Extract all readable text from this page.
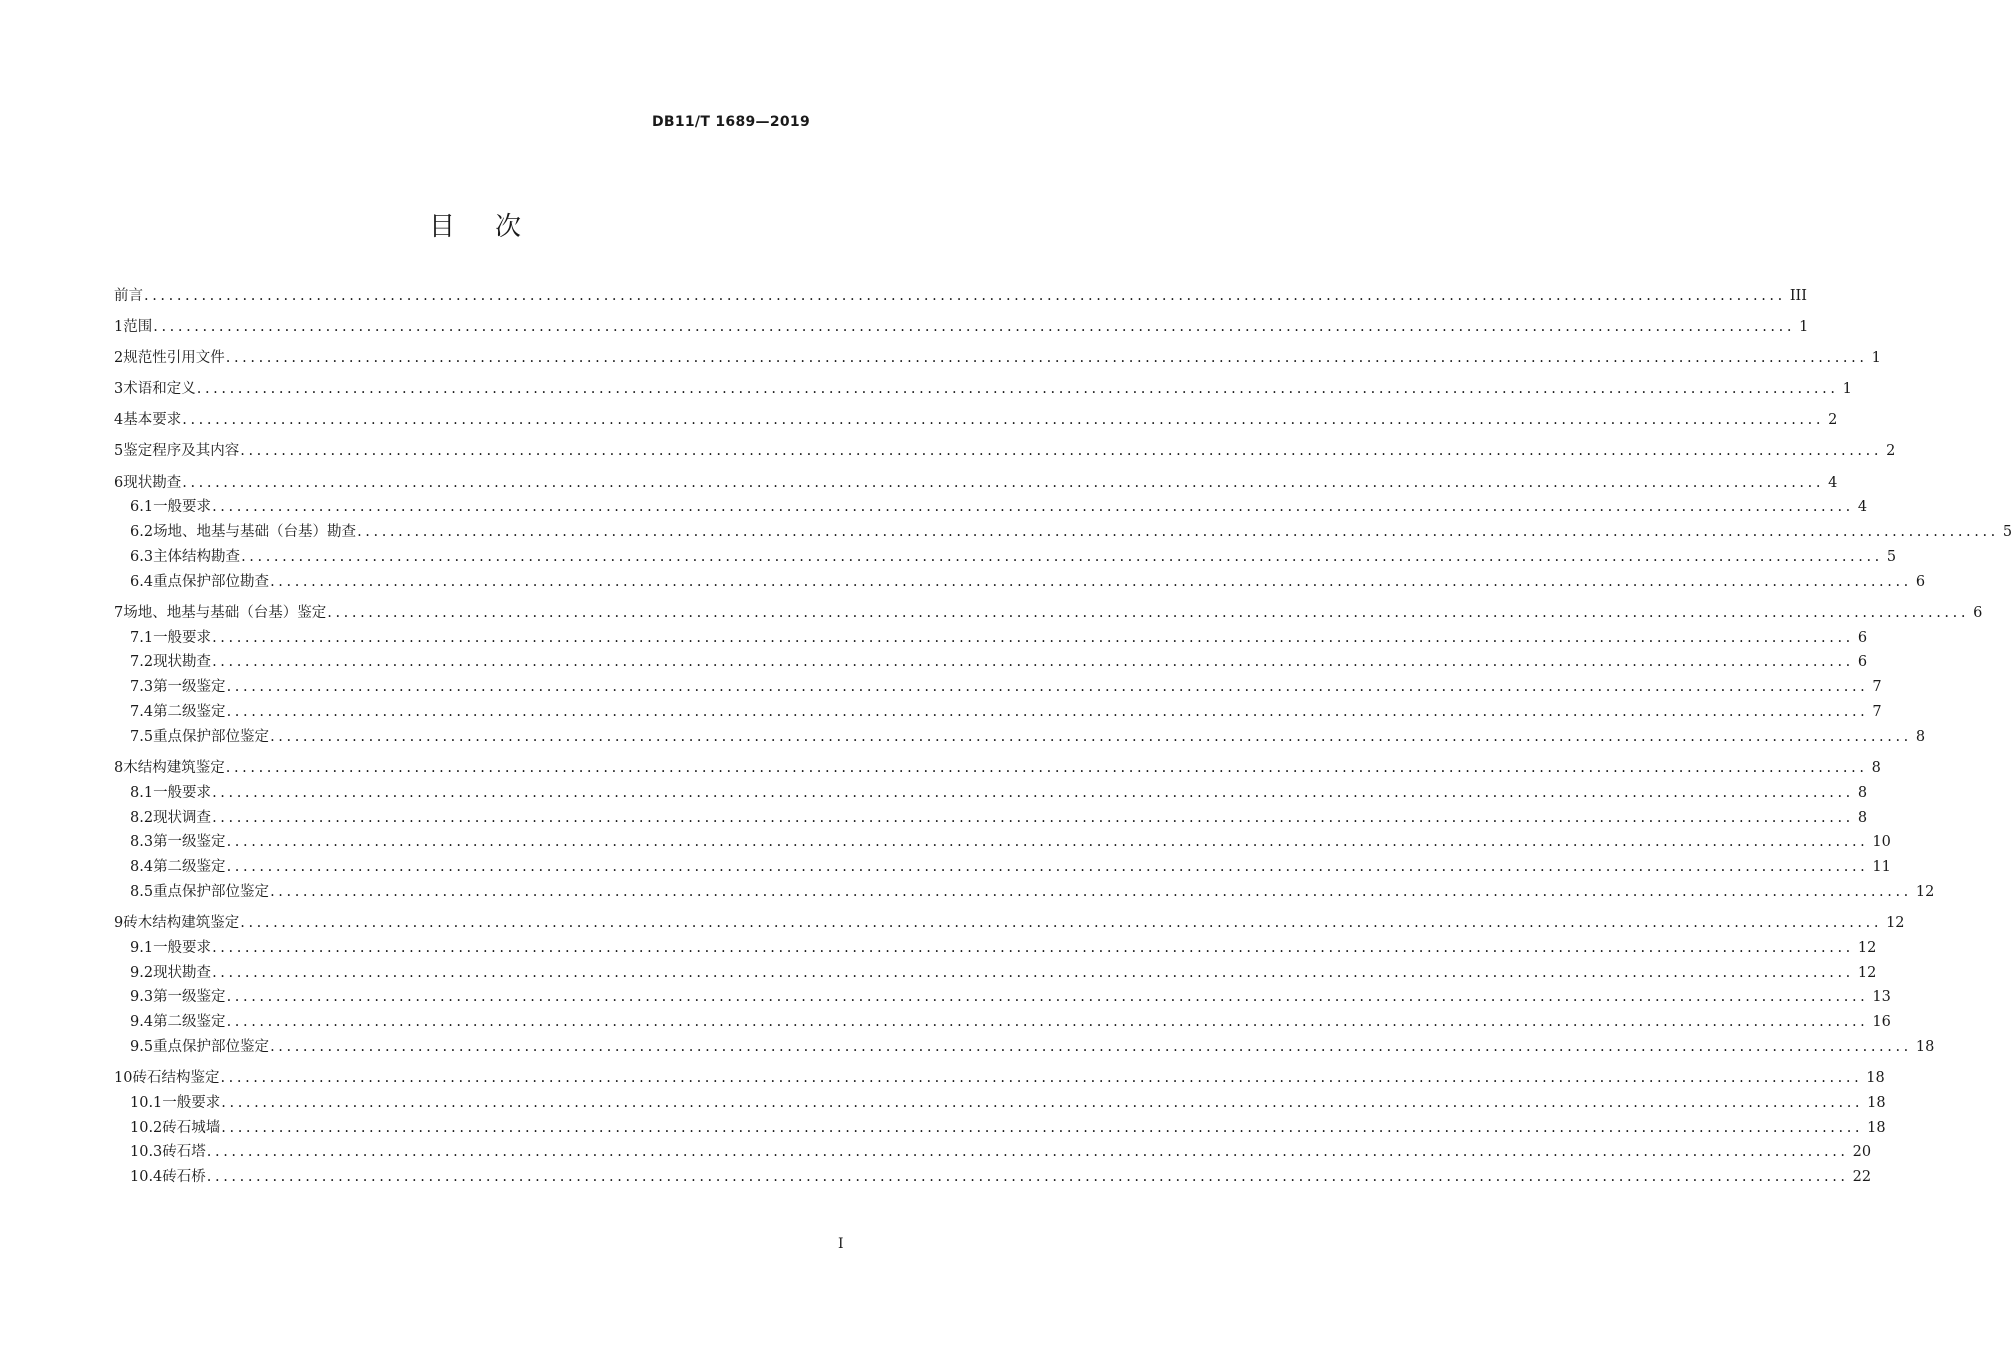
DB11/T 1689—2019
目次
前言 ........................................................................................................................................................................................................ III
1 范围 ........................................................................................................................................................................................................ 1
2 规范性引用文件 ........................................................................................................................................................................................................ 1
3 术语和定义 ........................................................................................................................................................................................................ 1
4 基本要求 ........................................................................................................................................................................................................ 2
5 鉴定程序及其内容 ........................................................................................................................................................................................................ 2
6 现状勘查 ........................................................................................................................................................................................................ 4
6.1 一般要求 ........................................................................................................................................................................................................ 4
6.2 场地、地基与基础（台基）勘查 ........................................................................................................................................................................................................ 5
6.3 主体结构勘查 ........................................................................................................................................................................................................ 5
6.4 重点保护部位勘查 ........................................................................................................................................................................................................ 6
7 场地、地基与基础（台基）鉴定 ........................................................................................................................................................................................................ 6
7.1 一般要求 ........................................................................................................................................................................................................ 6
7.2 现状勘查 ........................................................................................................................................................................................................ 6
7.3 第一级鉴定 ........................................................................................................................................................................................................ 7
7.4 第二级鉴定 ........................................................................................................................................................................................................ 7
7.5 重点保护部位鉴定 ........................................................................................................................................................................................................ 8
8 木结构建筑鉴定 ........................................................................................................................................................................................................ 8
8.1 一般要求 ........................................................................................................................................................................................................ 8
8.2 现状调查 ........................................................................................................................................................................................................ 8
8.3 第一级鉴定 ........................................................................................................................................................................................................ 10
8.4 第二级鉴定 ........................................................................................................................................................................................................ 11
8.5 重点保护部位鉴定 ........................................................................................................................................................................................................ 12
9 砖木结构建筑鉴定 ........................................................................................................................................................................................................ 12
9.1 一般要求 ........................................................................................................................................................................................................ 12
9.2 现状勘查 ........................................................................................................................................................................................................ 12
9.3 第一级鉴定 ........................................................................................................................................................................................................ 13
9.4 第二级鉴定 ........................................................................................................................................................................................................ 16
9.5 重点保护部位鉴定 ........................................................................................................................................................................................................ 18
10 砖石结构鉴定 ........................................................................................................................................................................................................ 18
10.1 一般要求 ........................................................................................................................................................................................................ 18
10.2 砖石城墙 ........................................................................................................................................................................................................ 18
10.3 砖石塔 ........................................................................................................................................................................................................ 20
10.4 砖石桥 ........................................................................................................................................................................................................ 22
I
